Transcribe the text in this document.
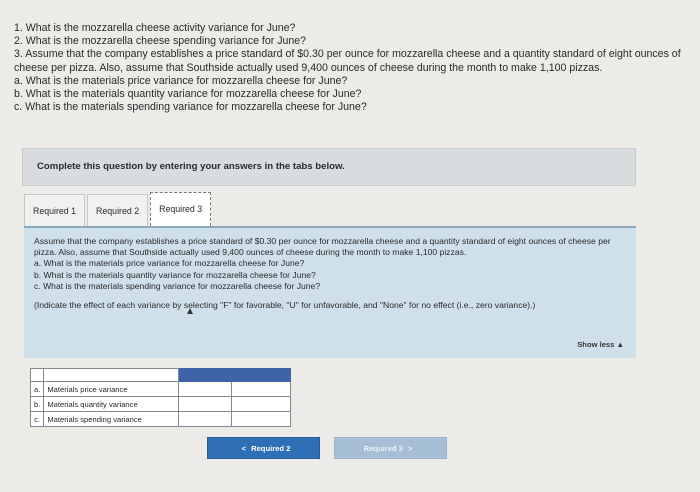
1. What is the mozzarella cheese activity variance for June?
2. What is the mozzarella cheese spending variance for June?
3. Assume that the company establishes a price standard of $0.30 per ounce for mozzarella cheese and a quantity standard of eight ounces of cheese per pizza. Also, assume that Southside actually used 9,400 ounces of cheese during the month to make 1,100 pizzas.
a. What is the materials price variance for mozzarella cheese for June?
b. What is the materials quantity variance for mozzarella cheese for June?
c. What is the materials spending variance for mozzarella cheese for June?
Complete this question by entering your answers in the tabs below.
Required 1	Required 2	Required 3
Assume that the company establishes a price standard of $0.30 per ounce for mozzarella cheese and a quantity standard of eight ounces of cheese per pizza. Also, assume that Southside actually used 9,400 ounces of cheese during the month to make 1,100 pizzas.
a. What is the materials price variance for mozzarella cheese for June?
b. What is the materials quantity variance for mozzarella cheese for June?
c. What is the materials spending variance for mozzarella cheese for June?
(Indicate the effect of each variance by selecting "F" for favorable, "U" for unfavorable, and "None" for no effect (i.e., zero variance).)
Show less ▲

a.	Materials price variance		
b.	Materials quantity variance		
c.	Materials spending variance		
< Required 2	Required 3 >
